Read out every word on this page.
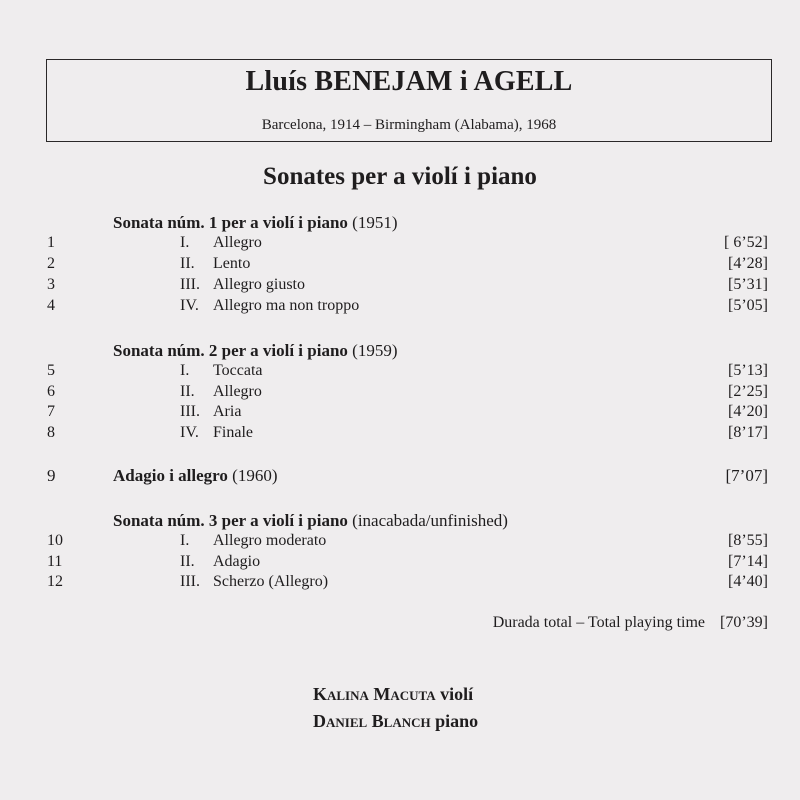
Lluís BENEJAM i AGELL
Barcelona, 1914 – Birmingham (Alabama), 1968
Sonates per a violí i piano
Sonata núm. 1 per a violí i piano (1951)
1	I. Allegro	[ 6’52]
2	II. Lento	[4’28]
3	III. Allegro giusto	[5’31]
4	IV. Allegro ma non troppo	[5’05]
Sonata núm. 2 per a violí i piano (1959)
5	I. Toccata	[5’13]
6	II. Allegro	[2’25]
7	III. Aria	[4’20]
8	IV. Finale	[8’17]
9	Adagio i allegro (1960)	[7’07]
Sonata núm. 3 per a violí i piano (inacabada/unfinished)
10	I. Allegro moderato	[8’55]
11	II. Adagio	[7’14]
12	III. Scherzo (Allegro)	[4’40]
Durada total – Total playing time [70’39]
Kalina Macuta violí
Daniel Blanch piano
